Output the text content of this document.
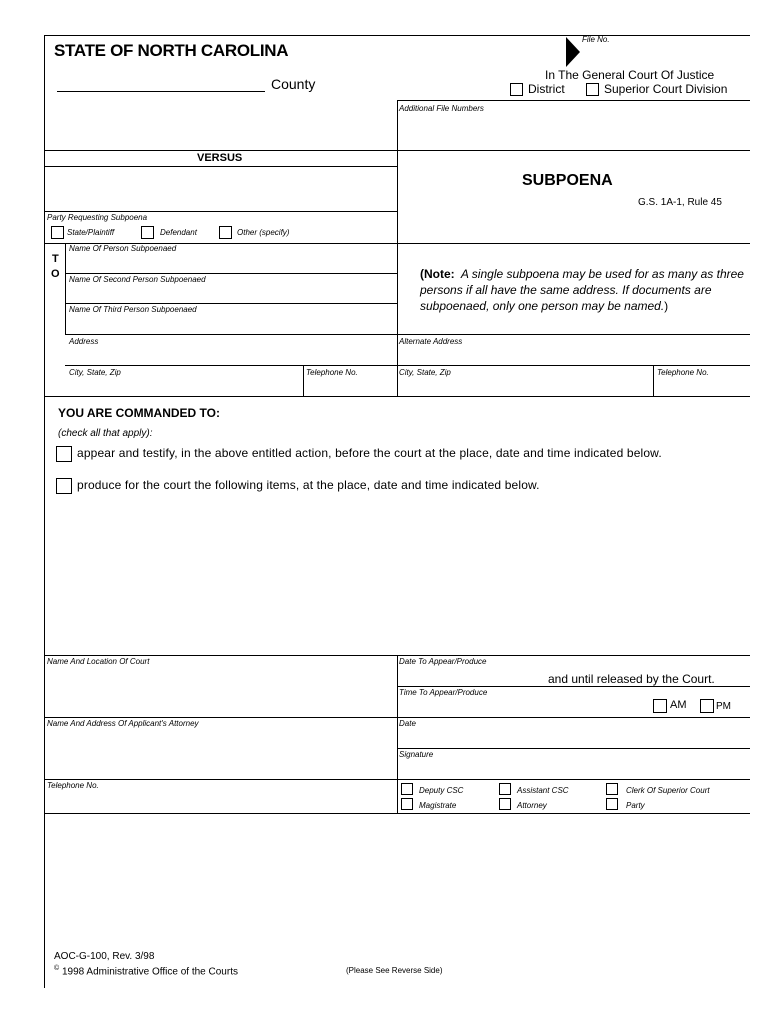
STATE OF NORTH CAROLINA
County
File No.
In The General Court Of Justice
District	Superior Court Division
Additional File Numbers
VERSUS
SUBPOENA
G.S. 1A-1, Rule 45
Party Requesting Subpoena
State/Plaintiff	Defendant	Other (specify)
T
O
Name Of Person Subpoenaed
Name Of Second Person Subpoenaed
Name Of Third Person Subpoenaed
(Note: A single subpoena may be used for as many as three persons if all have the same address. If documents are subpoenaed, only one person may be named.)
Address	Alternate Address
City, State, Zip	Telephone No.	City, State, Zip	Telephone No.
YOU ARE COMMANDED TO:
(check all that apply):
appear and testify, in the above entitled action, before the court at the place, date and time indicated below.
produce for the court the following items, at the place, date and time indicated below.
Name And Location Of Court	Date To Appear/Produce
and until released by the Court.
Time To Appear/Produce
AM	PM
Name And Address Of Applicant's Attorney	Date
Signature
Telephone No.
Deputy CSC	Assistant CSC	Clerk Of Superior Court
Magistrate	Attorney	Party
AOC-G-100, Rev. 3/98
© 1998 Administrative Office of the Courts	(Please See Reverse Side)
